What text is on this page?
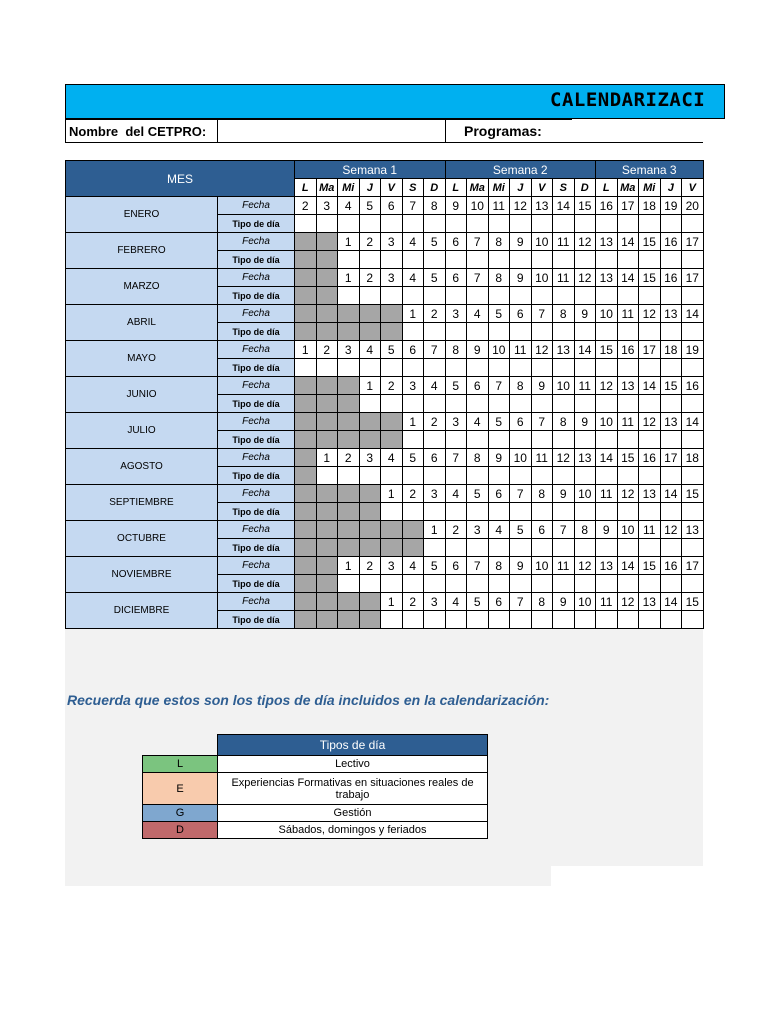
CALENDARIZACI
Nombre  del CETPRO:	Programas:
MES		Semana 1							Semana 2							Semana 3				
		L	Ma	Mi	J	V	S	D	L	Ma	Mi	J	V	S	D	L	Ma	Mi	J	V
ENERO	Fecha	2	3	4	5	6	7	8	9	10	11	12	13	14	15	16	17	18	19	20
	Tipo de día																			
FEBRERO	Fecha			1	2	3	4	5	6	7	8	9	10	11	12	13	14	15	16	17
	Tipo de día																			
MARZO	Fecha			1	2	3	4	5	6	7	8	9	10	11	12	13	14	15	16	17
	Tipo de día																			
ABRIL	Fecha						1	2	3	4	5	6	7	8	9	10	11	12	13	14
	Tipo de día																			
MAYO	Fecha	1	2	3	4	5	6	7	8	9	10	11	12	13	14	15	16	17	18	19
	Tipo de día																			
JUNIO	Fecha				1	2	3	4	5	6	7	8	9	10	11	12	13	14	15	16
	Tipo de día																			
JULIO	Fecha						1	2	3	4	5	6	7	8	9	10	11	12	13	14
	Tipo de día																			
AGOSTO	Fecha		1	2	3	4	5	6	7	8	9	10	11	12	13	14	15	16	17	18
	Tipo de día																			
SEPTIEMBRE	Fecha					1	2	3	4	5	6	7	8	9	10	11	12	13	14	15
	Tipo de día																			
OCTUBRE	Fecha							1	2	3	4	5	6	7	8	9	10	11	12	13
	Tipo de día																			
NOVIEMBRE	Fecha			1	2	3	4	5	6	7	8	9	10	11	12	13	14	15	16	17
	Tipo de día																			
DICIEMBRE	Fecha					1	2	3	4	5	6	7	8	9	10	11	12	13	14	15
	Tipo de día																			
Recuerda que estos son los tipos de día incluidos en la calendarización:
	Tipos de día
L	Lectivo
E	Experiencias Formativas en situaciones reales de trabajo
G	Gestión
D	Sábados, domingos y feriados
